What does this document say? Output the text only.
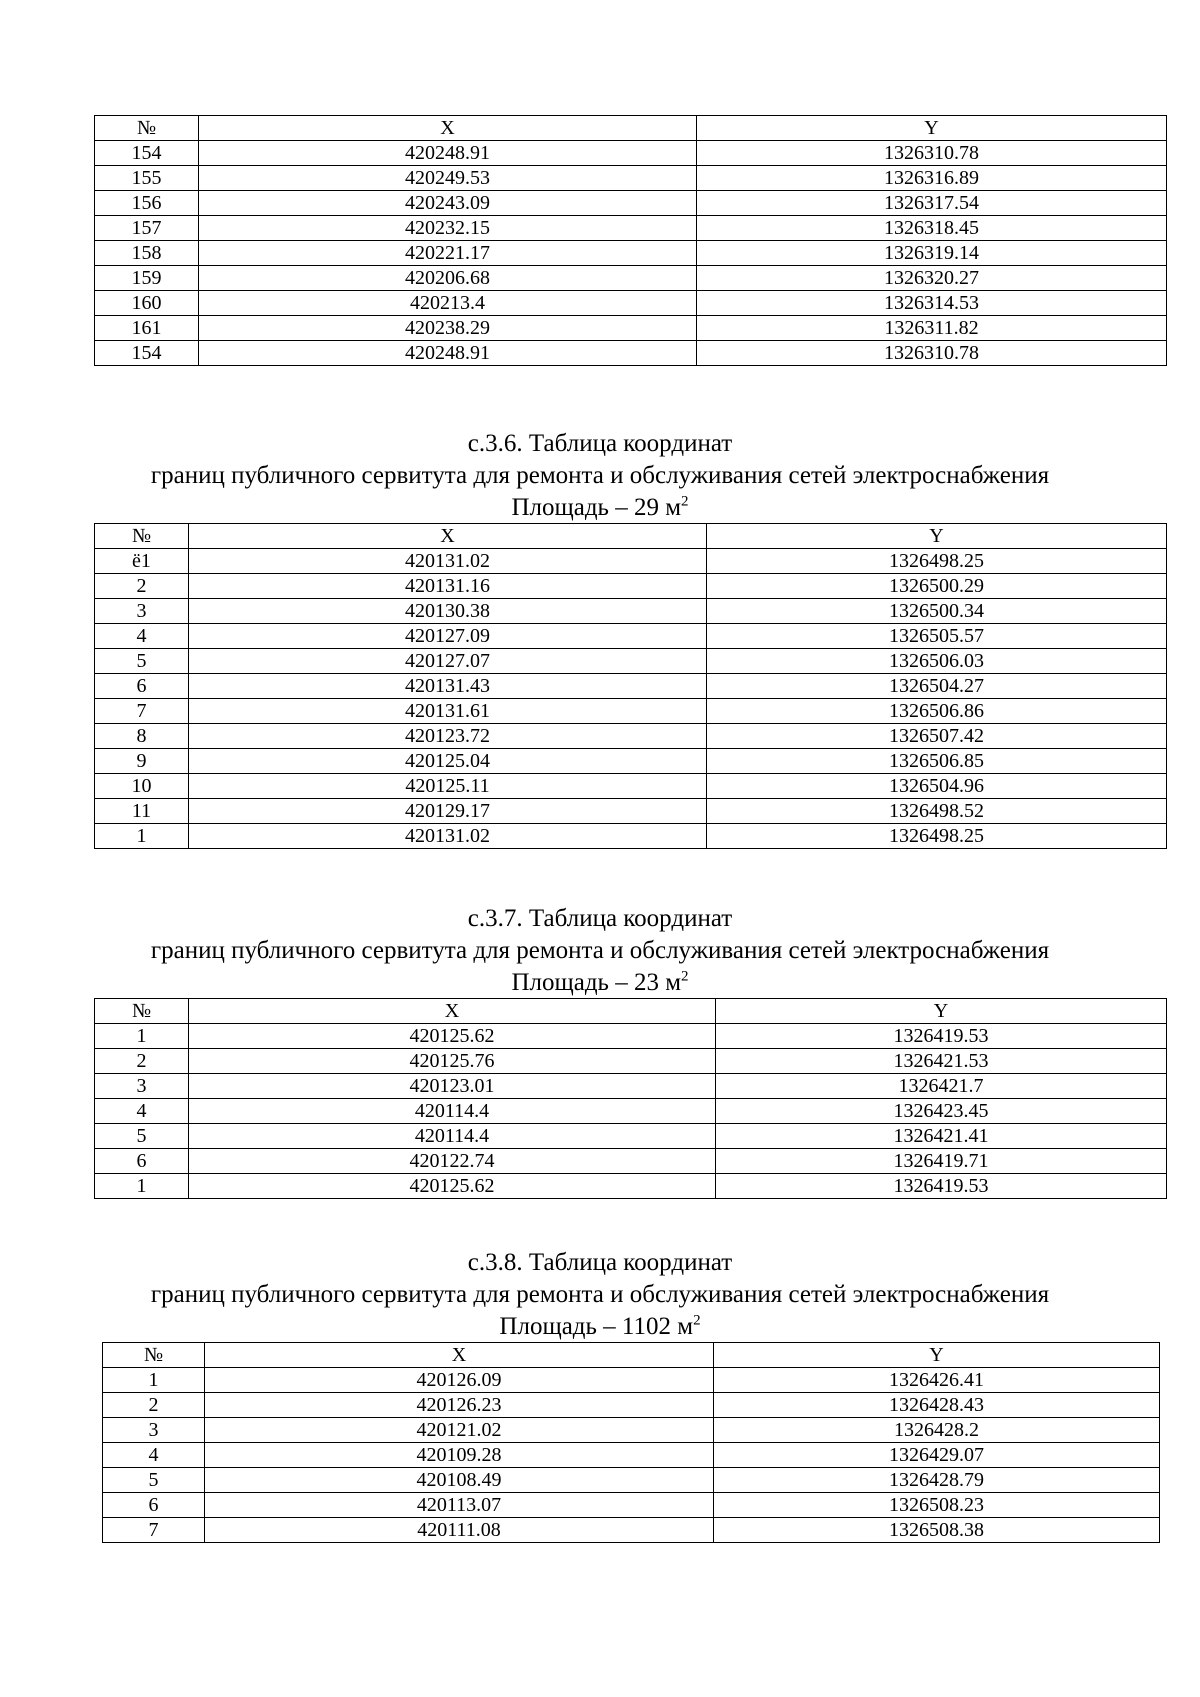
№	X	Y
154	420248.91	1326310.78
155	420249.53	1326316.89
156	420243.09	1326317.54
157	420232.15	1326318.45
158	420221.17	1326319.14
159	420206.68	1326320.27
160	420213.4	1326314.53
161	420238.29	1326311.82
154	420248.91	1326310.78
с.3.6. Таблица координат
границ публичного сервитута для ремонта и обслуживания сетей электроснабжения
Площадь – 29 $м^2$
№	X	Y
ё1	420131.02	1326498.25
2	420131.16	1326500.29
3	420130.38	1326500.34
4	420127.09	1326505.57
5	420127.07	1326506.03
6	420131.43	1326504.27
7	420131.61	1326506.86
8	420123.72	1326507.42
9	420125.04	1326506.85
10	420125.11	1326504.96
11	420129.17	1326498.52
1	420131.02	1326498.25
с.3.7. Таблица координат
границ публичного сервитута для ремонта и обслуживания сетей электроснабжения
Площадь – 23 $м^2$
№	X	Y
1	420125.62	1326419.53
2	420125.76	1326421.53
3	420123.01	1326421.7
4	420114.4	1326423.45
5	420114.4	1326421.41
6	420122.74	1326419.71
1	420125.62	1326419.53
с.3.8. Таблица координат
границ публичного сервитута для ремонта и обслуживания сетей электроснабжения
Площадь – 1102 $м^2$
№	X	Y
1	420126.09	1326426.41
2	420126.23	1326428.43
3	420121.02	1326428.2
4	420109.28	1326429.07
5	420108.49	1326428.79
6	420113.07	1326508.23
7	420111.08	1326508.38
